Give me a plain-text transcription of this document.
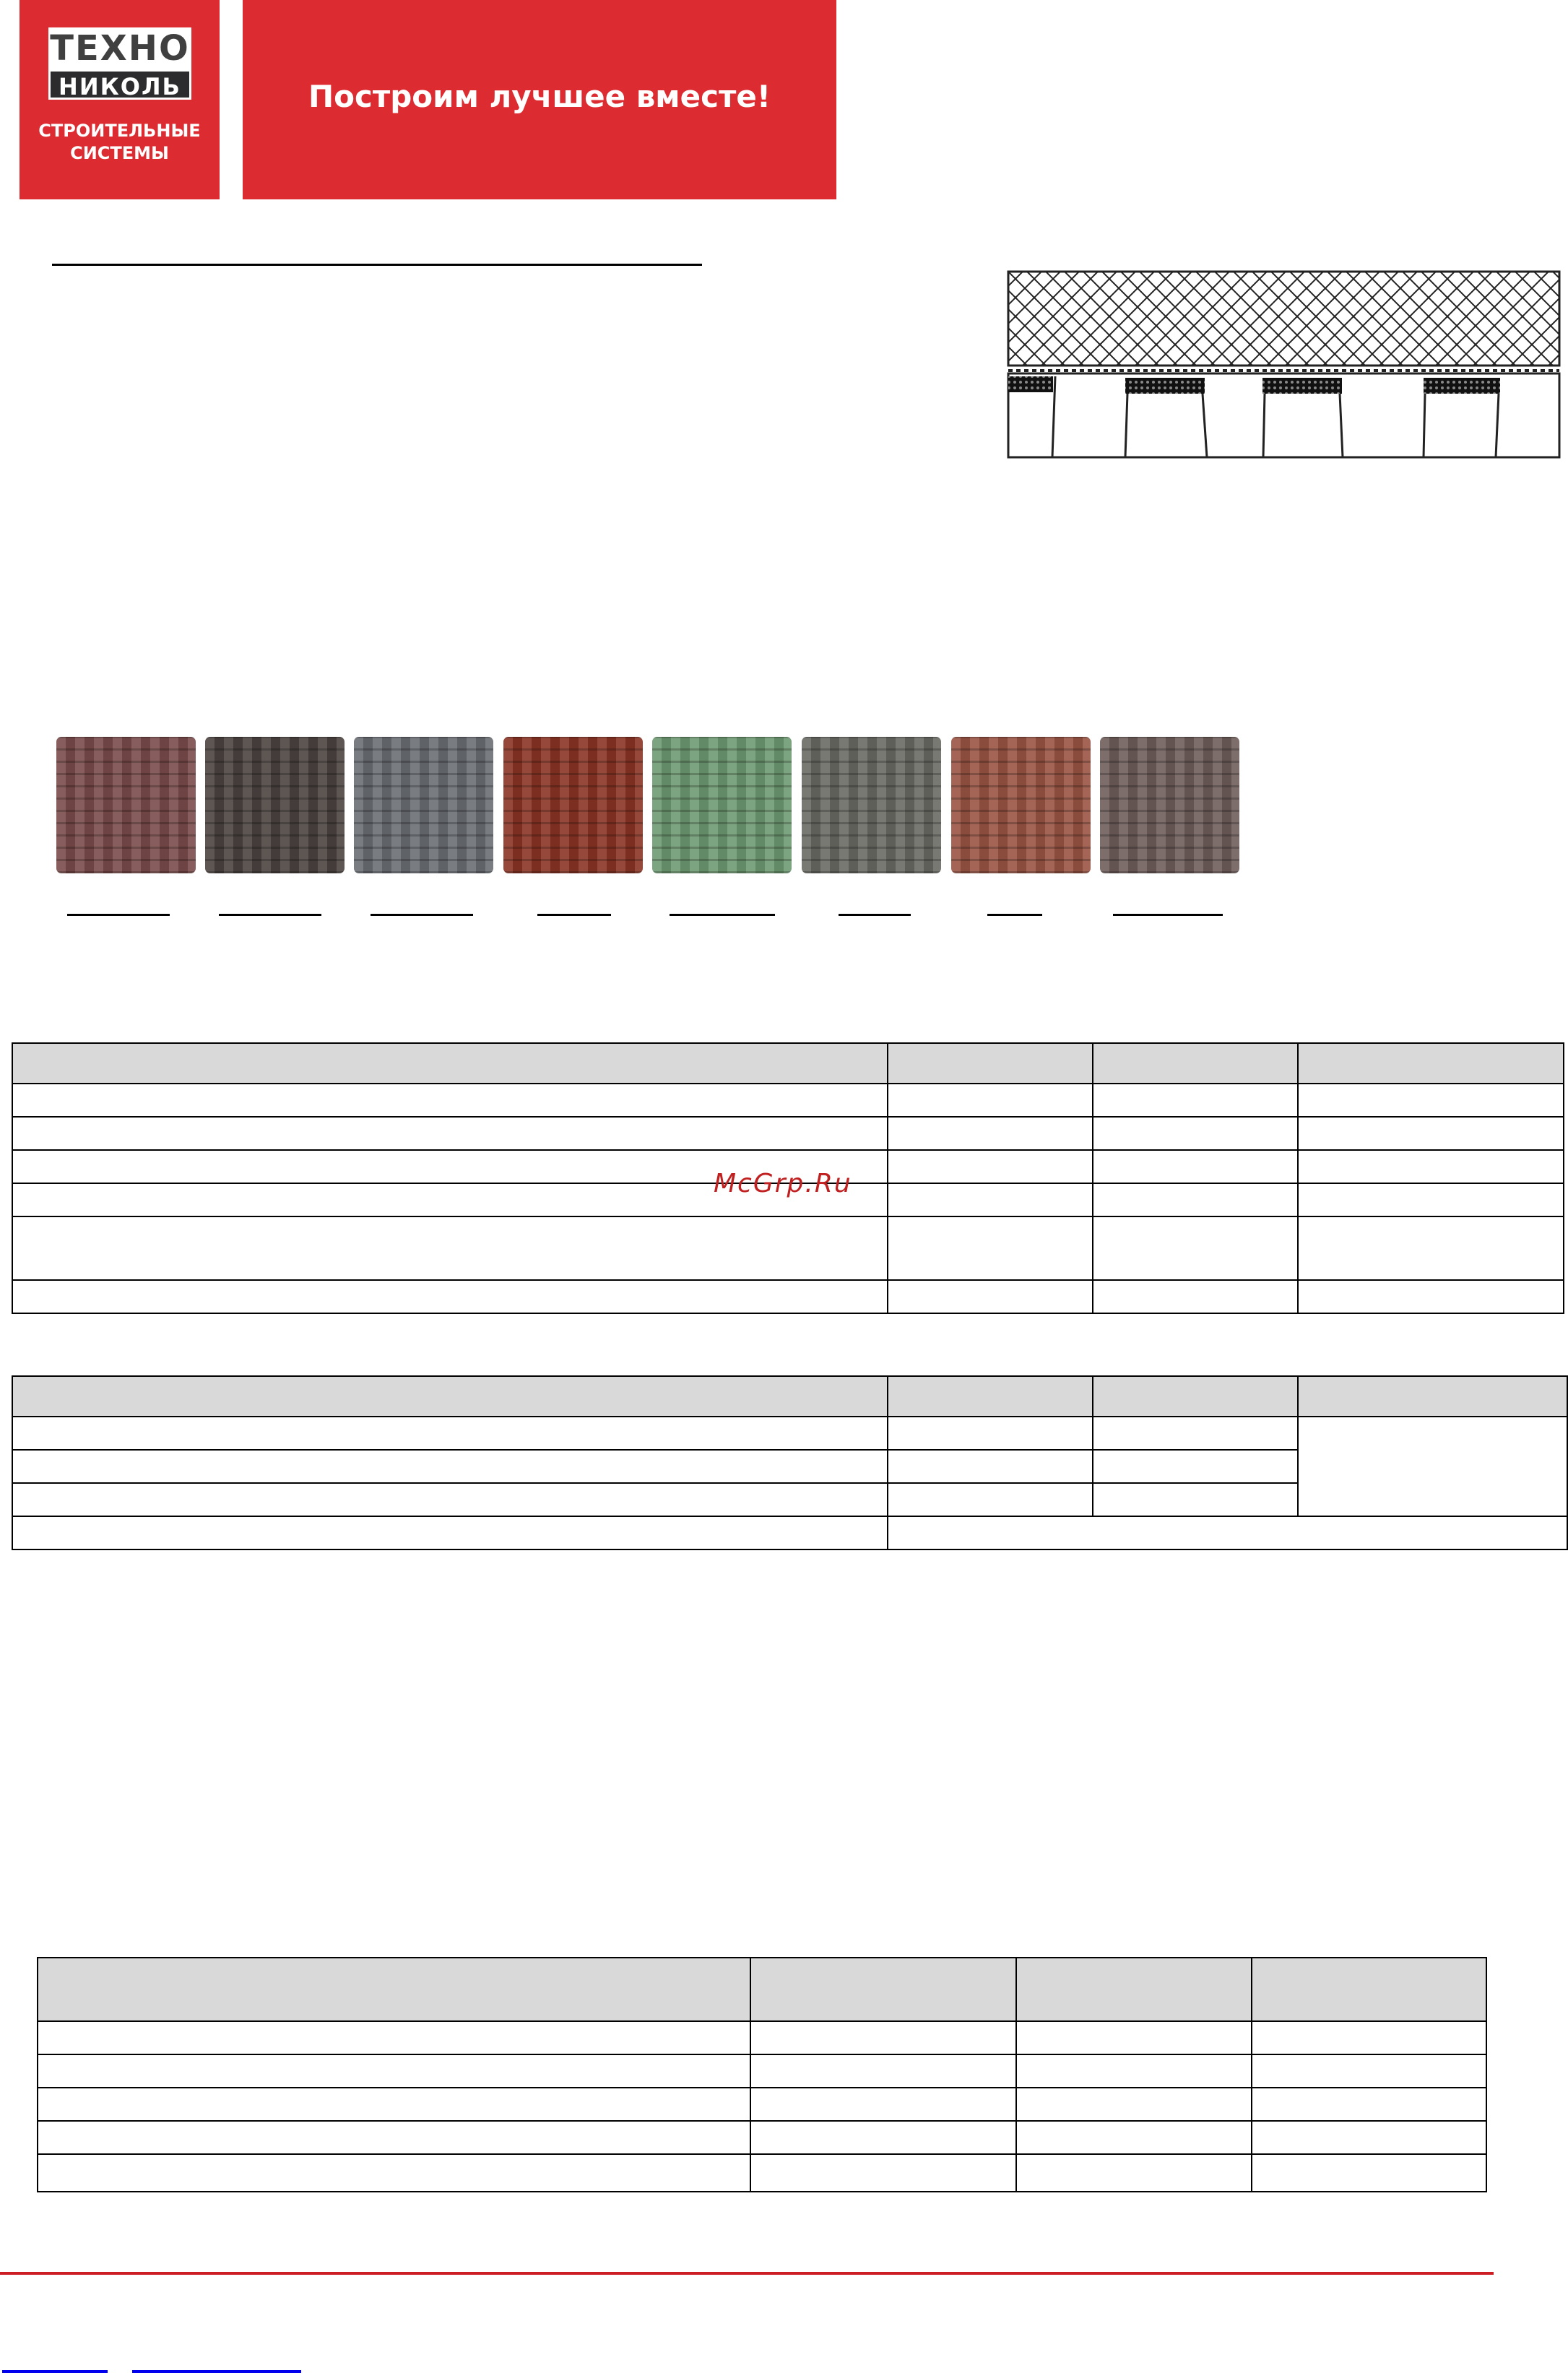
ТЕХНО
НИКОЛЬ
СТРОИТЕЛЬНЫЕ
СИСТЕМЫ
Построим лучшее вместе!

McGrp.Ru
